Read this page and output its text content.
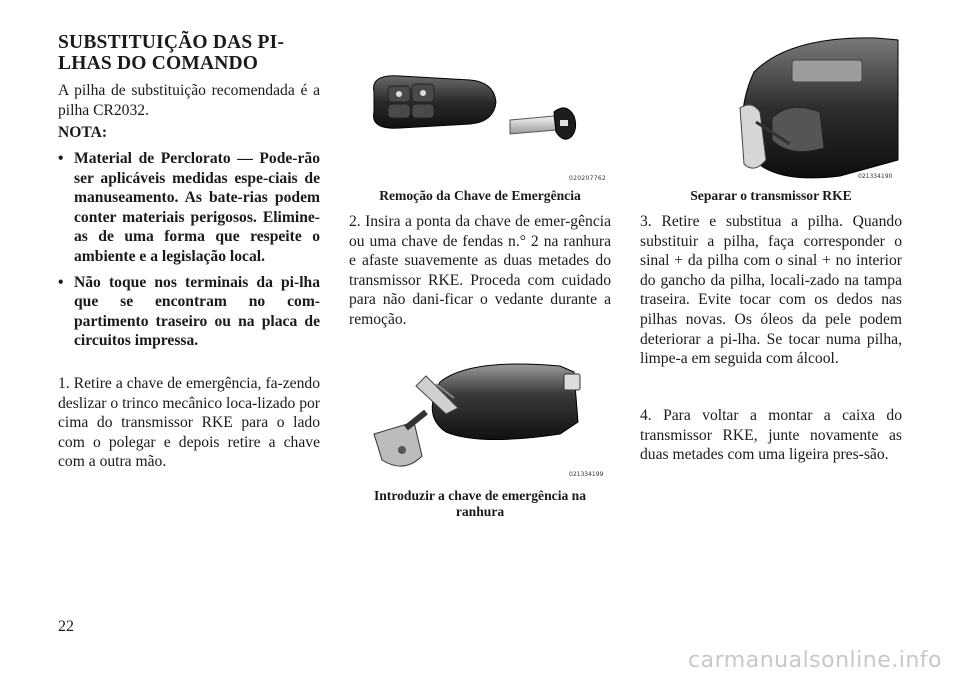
SUBSTITUIÇÃO DAS PI-
LHAS DO COMANDO

A pilha de substituição recomendada é a pilha CR2032.

NOTA:
• Material de Perclorato — Pode-rão ser aplicáveis medidas espe-ciais de manuseamento. As bate-rias podem conter materiais perigosos. Elimine-as de uma forma que respeite o ambiente e a legislação local.
• Não toque nos terminais da pi-lha que se encontram no com-partimento traseiro ou na placa de circuitos impressa.

1. Retire a chave de emergência, fa-zendo deslizar o trinco mecânico loca-lizado por cima do transmissor RKE para o lado com o polegar e depois retire a chave com a outra mão.

020207762
Remoção da Chave de Emergência

2. Insira a ponta da chave de emer-gência ou uma chave de fendas n.° 2 na ranhura e afaste suavemente as duas metades do transmissor RKE. Proceda com cuidado para não dani-ficar o vedante durante a remoção.

021334199
Introduzir a chave de emergência na ranhura
021334190
Separar o transmissor RKE

3. Retire e substitua a pilha. Quando substituir a pilha, faça corresponder o sinal + da pilha com o sinal + no interior do gancho da pilha, locali-zado na tampa traseira. Evite tocar com os dedos nas pilhas novas. Os óleos da pele podem deteriorar a pi-lha. Se tocar numa pilha, limpe-a em seguida com álcool.

4. Para voltar a montar a caixa do transmissor RKE, junte novamente as duas metades com uma ligeira pres-são.

22
carmanualsonline.info
